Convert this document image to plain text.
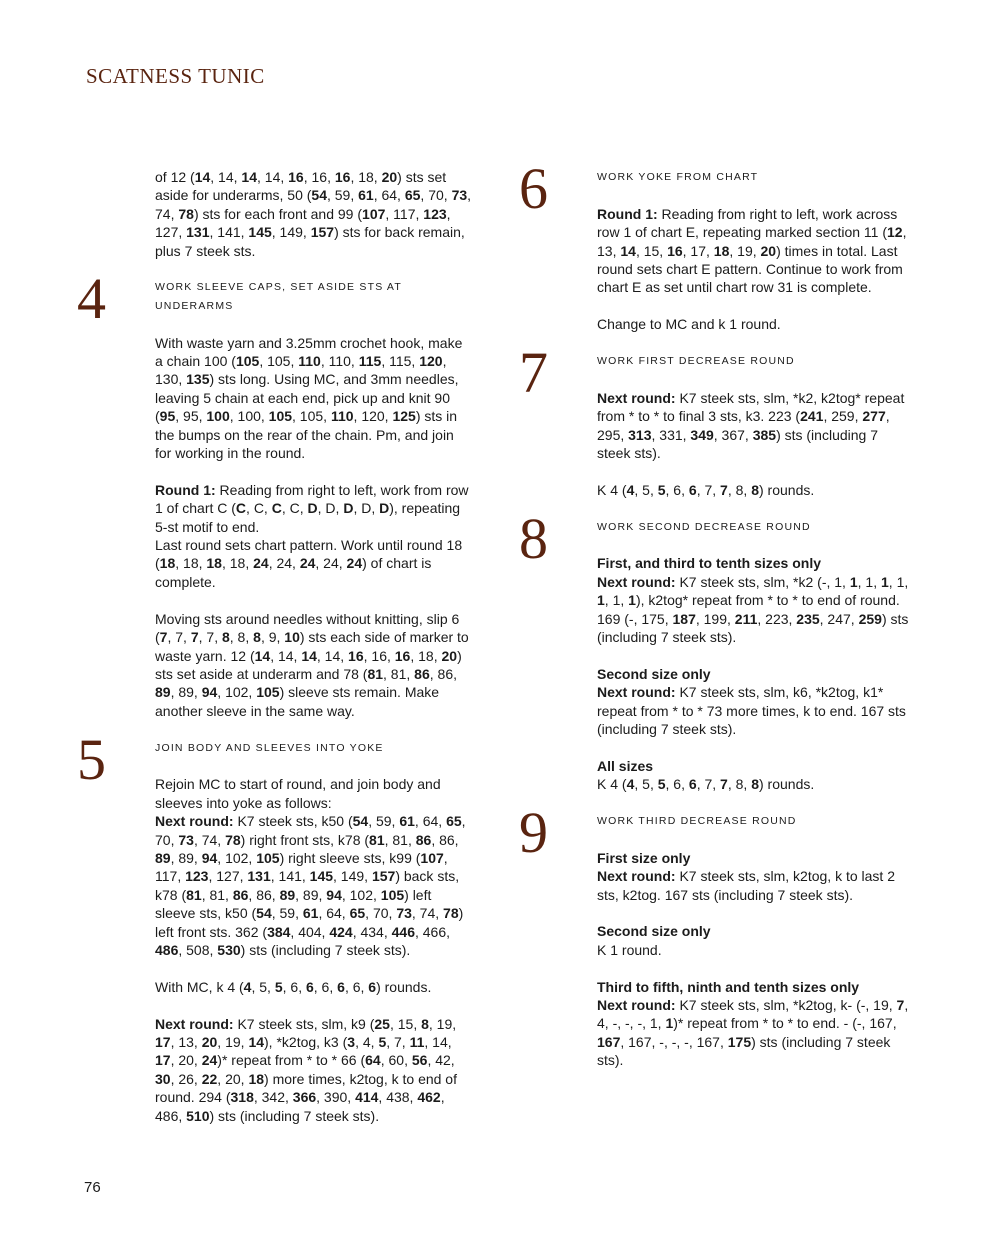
SCATNESS TUNIC

of 12 (14, 14, 14, 14, 16, 16, 16, 18, 20) sts set aside for underarms, 50 (54, 59, 61, 64, 65, 70, 73, 74, 78) sts for each front and 99 (107, 117, 123, 127, 131, 141, 145, 149, 157) sts for back remain, plus 7 steek sts.

4	WORK SLEEVE CAPS, SET ASIDE STS AT UNDERARMS

With waste yarn and 3.25mm crochet hook, make a chain 100 (105, 105, 110, 110, 115, 115, 120, 130, 135) sts long. Using MC, and 3mm needles, leaving 5 chain at each end, pick up and knit 90 (95, 95, 100, 100, 105, 105, 110, 120, 125) sts in the bumps on the rear of the chain. Pm, and join for working in the round.

Round 1: Reading from right to left, work from row 1 of chart C (C, C, C, C, D, D, D, D, D), repeating 5-st motif to end.

Last round sets chart pattern. Work until round 18 (18, 18, 18, 18, 24, 24, 24, 24, 24) of chart is complete.

Moving sts around needles without knitting, slip 6 (7, 7, 7, 7, 8, 8, 8, 9, 10) sts each side of marker to waste yarn. 12 (14, 14, 14, 14, 16, 16, 16, 18, 20) sts set aside at underarm and 78 (81, 81, 86, 86, 89, 89, 94, 102, 105) sleeve sts remain. Make another sleeve in the same way.

5	JOIN BODY AND SLEEVES INTO YOKE

Rejoin MC to start of round, and join body and sleeves into yoke as follows:

Next round: K7 steek sts, k50 (54, 59, 61, 64, 65, 70, 73, 74, 78) right front sts, k78 (81, 81, 86, 86, 89, 89, 94, 102, 105) right sleeve sts, k99 (107, 117, 123, 127, 131, 141, 145, 149, 157) back sts, k78 (81, 81, 86, 86, 89, 89, 94, 102, 105) left sleeve sts, k50 (54, 59, 61, 64, 65, 70, 73, 74, 78) left front sts. 362 (384, 404, 424, 434, 446, 466, 486, 508, 530) sts (including 7 steek sts).

With MC, k 4 (4, 5, 5, 6, 6, 6, 6, 6, 6) rounds.

Next round: K7 steek sts, slm, k9 (25, 15, 8, 19, 17, 13, 20, 19, 14), *k2tog, k3 (3, 4, 5, 7, 11, 14, 17, 20, 24)* repeat from * to * 66 (64, 60, 56, 42, 30, 26, 22, 20, 18) more times, k2tog, k to end of round. 294 (318, 342, 366, 390, 414, 438, 462, 486, 510) sts (including 7 steek sts).

6	WORK YOKE FROM CHART

Round 1: Reading from right to left, work across row 1 of chart E, repeating marked section 11 (12, 13, 14, 15, 16, 17, 18, 19, 20) times in total. Last round sets chart E pattern. Continue to work from chart E as set until chart row 31 is complete.

Change to MC and k 1 round.

7	WORK FIRST DECREASE ROUND

Next round: K7 steek sts, slm, *k2, k2tog* repeat from * to * to final 3 sts, k3. 223 (241, 259, 277, 295, 313, 331, 349, 367, 385) sts (including 7 steek sts).

K 4 (4, 5, 5, 6, 6, 7, 7, 8, 8) rounds.

8	WORK SECOND DECREASE ROUND

First, and third to tenth sizes only
Next round: K7 steek sts, slm, *k2 (-, 1, 1, 1, 1, 1, 1, 1, 1), k2tog* repeat from * to * to end of round. 169 (-, 175, 187, 199, 211, 223, 235, 247, 259) sts (including 7 steek sts).

Second size only
Next round: K7 steek sts, slm, k6, *k2tog, k1* repeat from * to * 73 more times, k to end. 167 sts (including 7 steek sts).

All sizes
K 4 (4, 5, 5, 6, 6, 7, 7, 8, 8) rounds.

9	WORK THIRD DECREASE ROUND

First size only
Next round: K7 steek sts, slm, k2tog, k to last 2 sts, k2tog. 167 sts (including 7 steek sts).

Second size only
K 1 round.

Third to fifth, ninth and tenth sizes only
Next round: K7 steek sts, slm, *k2tog, k- (-, 19, 7, 4, -, -, -, 1, 1)* repeat from * to * to end. - (-, 167, 167, 167, -, -, -, 167, 175) sts (including 7 steek sts).

76
